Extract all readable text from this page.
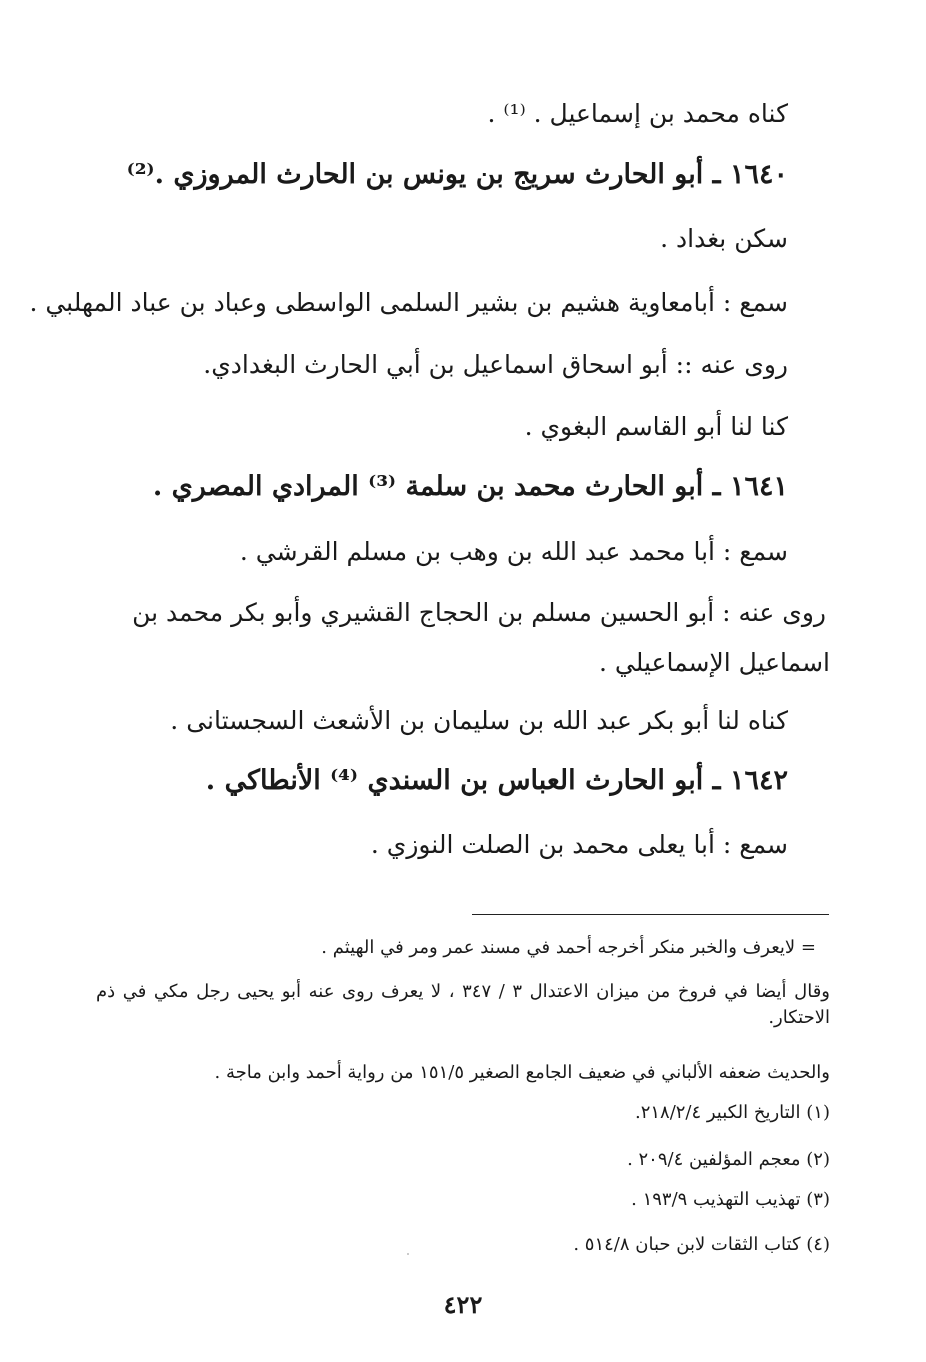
كناه محمد بن إسماعيل . ⁽¹⁾ .
١٦٤٠ ـ أبو الحارث سريج بن يونس بن الحارث المروزي .⁽²⁾
سكن بغداد .
سمع : أبامعاوية هشيم بن بشير السلمى الواسطى وعباد بن عباد المهلبي .
روى عنه :: أبو اسحاق اسماعيل بن أبي الحارث البغدادي.
كنا لنا أبو القاسم البغوي .
١٦٤١ ـ أبو الحارث محمد بن سلمة ⁽³⁾ المرادي المصري .
سمع : أبا محمد عبد الله بن وهب بن مسلم القرشي .
روى عنه : أبو الحسين مسلم بن الحجاج القشيري وأبو بكر محمد بن
اسماعيل الإسماعيلي .
كناه لنا أبو بكر عبد الله بن سليمان بن الأشعث السجستانى .
١٦٤٢ ـ أبو الحارث العباس بن السندي ⁽⁴⁾ الأنطاكي .
سمع : أبا يعلى محمد بن الصلت النوزي .
= لايعرف والخبر منكر أخرجه أحمد في مسند عمر ومر في الهيثم .
وقال أيضا في فروخ من ميزان الاعتدال ٣ / ٣٤٧ ، لا يعرف روى عنه أبو يحيى رجل مكي في ذم الاحتكار.
والحديث ضعفه الألباني في ضعيف الجامع الصغير ١٥١/٥ من رواية أحمد وابن ماجة .
(١) التاريخ الكبير ٢١٨/٢/٤.
(٢) معجم المؤلفين ٢٠٩/٤ .
(٣) تهذيب التهذيب ١٩٣/٩ .
(٤) كتاب الثقات لابن حبان ٥١٤/٨ .
٤٢٢
